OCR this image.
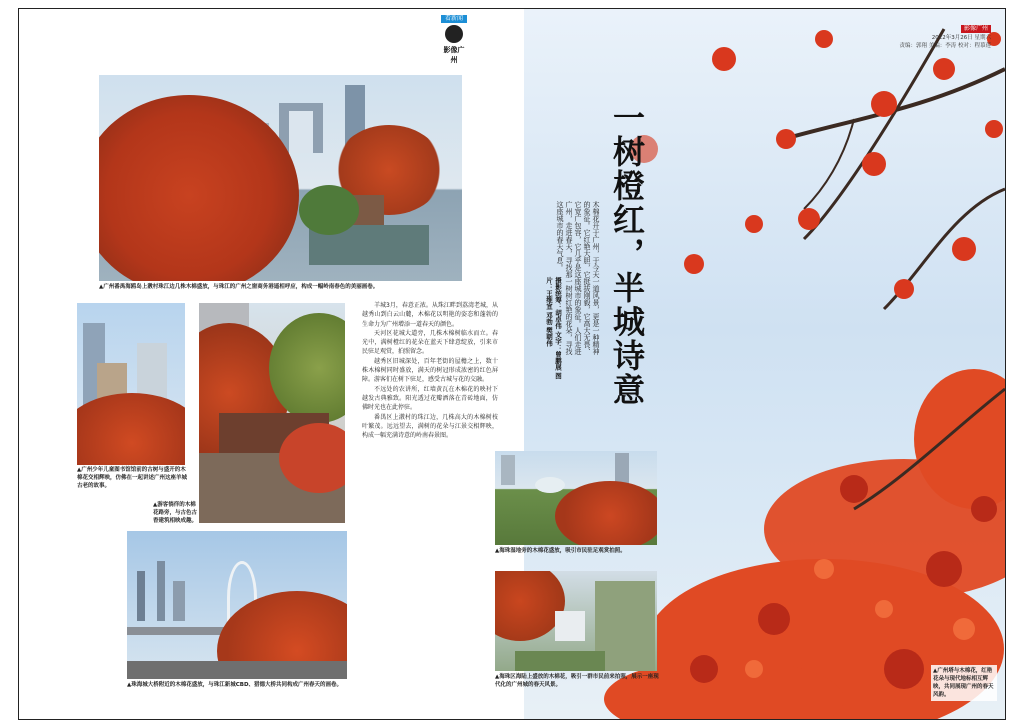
看新闻
影像广州
影像广州
2022年3月26日 星期六
责编：郭翔 美编：李涛 校对：程慕莲
▲广州番禺海鸥岛上漖村珠江边几株木棉盛放，与珠江的广州之窗商务港遥相呼应，构成一幅岭南春色的美丽画卷。
▲广州少年儿童图书馆馆前的古树与盛开的木棉花交相辉映，仿佛在一起讲述广州这座羊城古老的故事。
▲游客徜徉的木棉花路旁，与古色古香建筑相映成趣。
▲珠海城大桥附近的木棉花盛放，与珠江新城CBD、猎德大桥共同构成广州春天的画卷。

羊城3月，春意正浓。从珠江畔到荔湾老城，从越秀山到白云山麓，木棉花以明艳的姿态和蓬勃的生命力为广州增添一道春天的颜色。

天河区花城大道旁，几株木棉树临水而立。春光中，满树橙红的花朵在蓝天下肆意绽放，引来市民驻足观赏，拍照留念。

越秀区旧城深处，百年老街的屋檐之上，数十株木棉树同时盛放，满天的树冠形成浓密的红色屏障。游客们在树下驻足，感受古城与花的交融。

不远处的农讲所，红墙黄瓦在木棉花的映衬下越发古典雅致。阳光透过花瓣洒落在青砖地面，仿佛时光也在此停驻。

番禺区上漖村的珠江边，几株高大的木棉树枝叶繁茂。远远望去，满树的花朵与江景交相辉映，构成一幅充满诗意的岭南春景图。

▲海珠湿地旁的木棉花盛放，吸引市民驻足观赏拍照。
▲海珠区海陆上盛放的木棉花，吸引一群市民前来拍照，展示一座现代化的广州城的春天风景。
一树橙红，半城诗意
木棉花开于广州，于今天一道风景，更是一种精神的象征。它红艳大胆，它挺拔刚毅，它高大无畏、它宽广包容，它几乎是这座城市的象征。人们走进广州，走进春天，寻找那一树树红艳的花朵，寻找这座城市的春天气息。
摄影统筹：胡卓伟 文字：曾鹏展 图片：王维宣 邓勃 樊朝伟
▲广州塔与木棉花，红艳花朵与现代地标相互辉映，共同展现广州的春天风韵。
